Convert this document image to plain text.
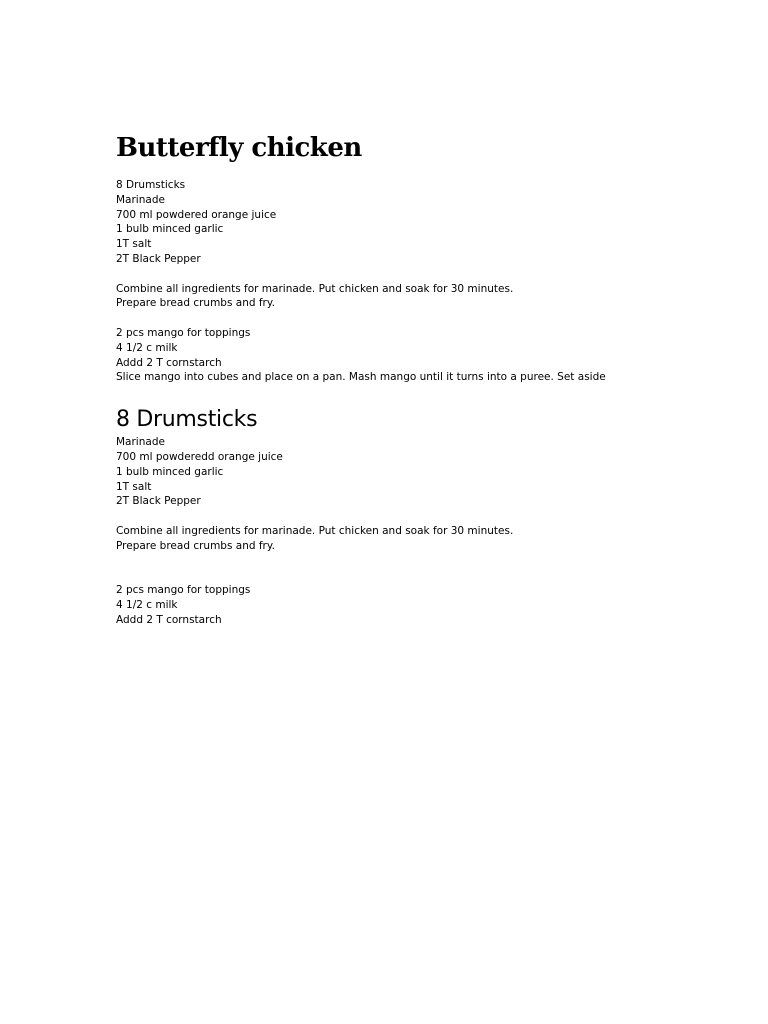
Butterfly chicken

8 Drumsticks

Marinade

700 ml powdered orange juice

1 bulb minced garlic

1T salt

2T Black Pepper

Combine all ingredients for marinade. Put chicken and soak for 30 minutes.

Prepare bread crumbs and fry.

2 pcs mango for toppings

4 1/2 c milk

Addd 2 T cornstarch

Slice mango into cubes and place on a pan. Mash mango until it turns into a puree. Set aside

8 Drumsticks

Marinade

700 ml powderedd orange juice

1 bulb minced garlic

1T salt

2T Black Pepper

Combine all ingredients for marinade. Put chicken and soak for 30 minutes.

Prepare bread crumbs and fry.

2 pcs mango for toppings

4 1/2 c milk

Addd 2 T cornstarch
